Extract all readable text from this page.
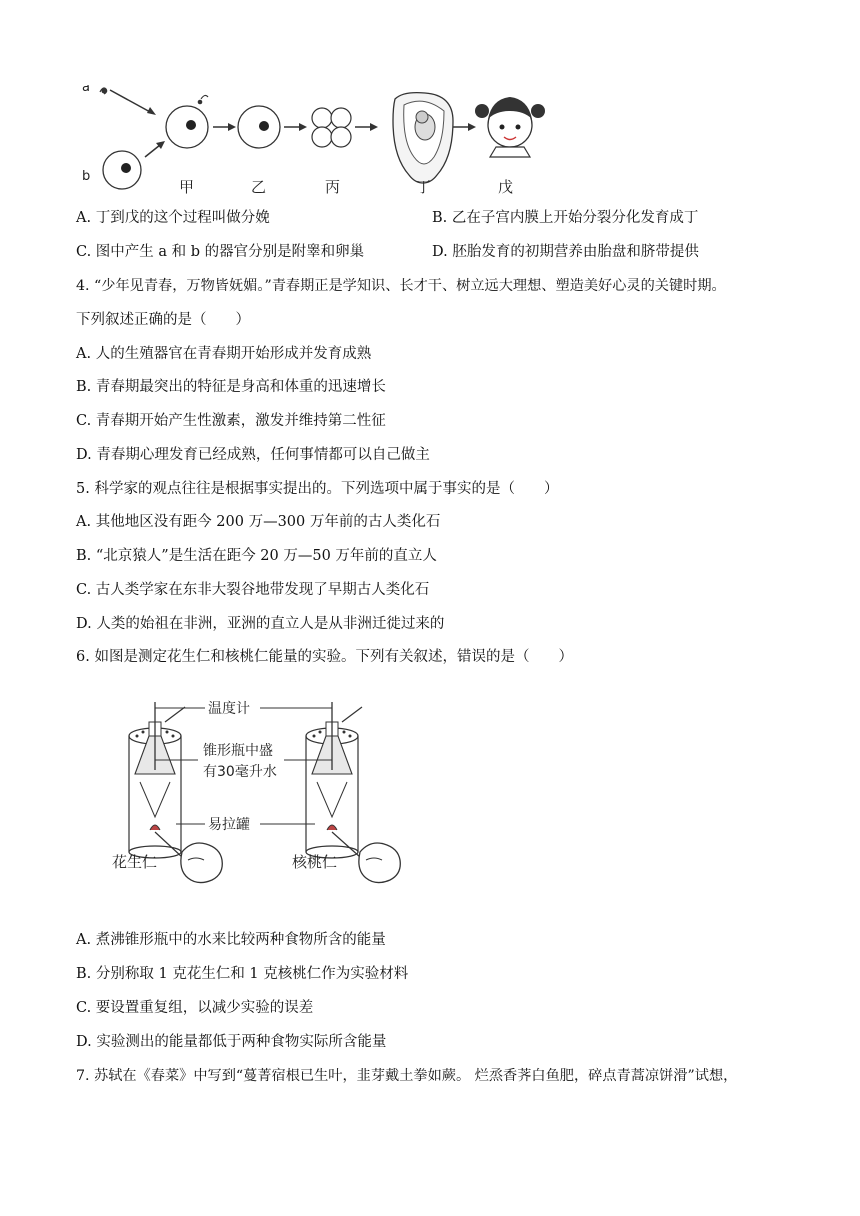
a
b
甲	乙	丙	丁	戊
A. 丁到戊的这个过程叫做分娩	B. 乙在子宫内膜上开始分裂分化发育成丁
C. 图中产生 a 和 b 的器官分别是附睾和卵巢	D. 胚胎发育的初期营养由胎盘和脐带提供
4. “少年见青春，万物皆妩媚。”青春期正是学知识、长才干、树立远大理想、塑造美好心灵的关键时期。
下列叙述正确的是（　　）
A. 人的生殖器官在青春期开始形成并发育成熟
B. 青春期最突出的特征是身高和体重的迅速增长
C. 青春期开始产生性激素，激发并维持第二性征
D. 青春期心理发育已经成熟，任何事情都可以自己做主
5. 科学家的观点往往是根据事实提出的。下列选项中属于事实的是（　　）
A. 其他地区没有距今 200 万—300 万年前的古人类化石
B. “北京猿人”是生活在距今 20 万—50 万年前的直立人
C. 古人类学家在东非大裂谷地带发现了早期古人类化石
D. 人类的始祖在非洲，亚洲的直立人是从非洲迁徙过来的
6. 如图是测定花生仁和核桃仁能量的实验。下列有关叙述，错误的是（　　）
温度计
锥形瓶中盛
有30毫升水
易拉罐
花生仁	核桃仁
A. 煮沸锥形瓶中的水来比较两种食物所含的能量
B. 分别称取 1 克花生仁和 1 克核桃仁作为实验材料
C. 要设置重复组，以减少实验的误差
D. 实验测出的能量都低于两种食物实际所含能量
7. 苏轼在《春菜》中写到“蔓菁宿根已生叶，韭芽戴土拳如蕨。 烂烝香荠白鱼肥，碎点青蒿凉饼滑”试想，
